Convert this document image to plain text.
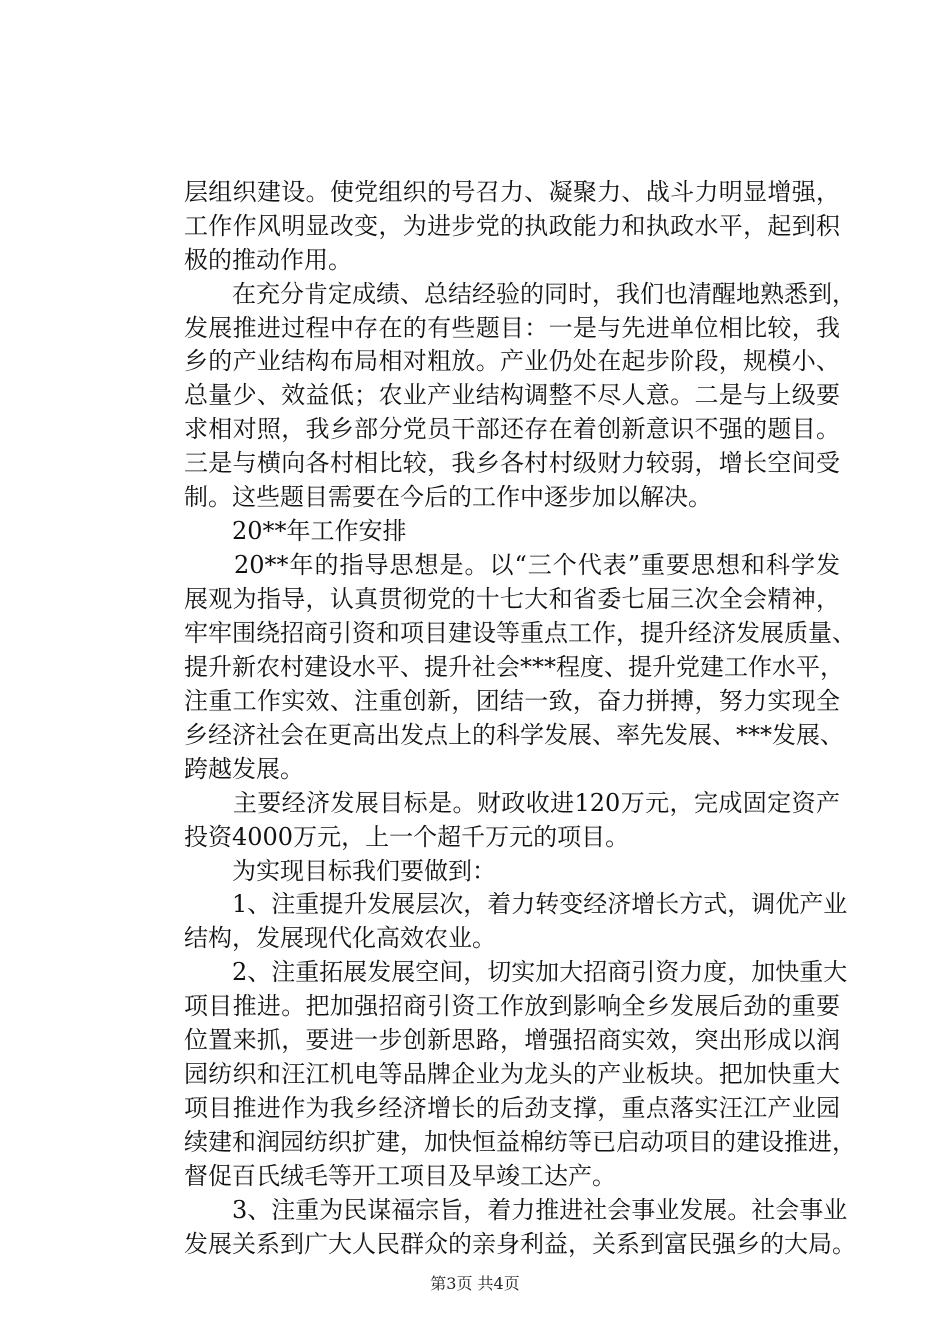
层组织建设。使党组织的号召力、凝聚力、战斗力明显增强，
工作作风明显改变，为进步党的执政能力和执政水平，起到积
极的推动作用。
　　在充分肯定成绩、总结经验的同时，我们也清醒地熟悉到，
发展推进过程中存在的有些题目：一是与先进单位相比较，我
乡的产业结构布局相对粗放。产业仍处在起步阶段，规模小、
总量少、效益低；农业产业结构调整不尽人意。二是与上级要
求相对照，我乡部分党员干部还存在着创新意识不强的题目。
三是与横向各村相比较，我乡各村村级财力较弱，增长空间受
制。这些题目需要在今后的工作中逐步加以解决。
　　20**年工作安排
　　20**年的指导思想是。以“三个代表”重要思想和科学发
展观为指导，认真贯彻党的十七大和省委七届三次全会精神，
牢牢围绕招商引资和项目建设等重点工作，提升经济发展质量、
提升新农村建设水平、提升社会***程度、提升党建工作水平，
注重工作实效、注重创新，团结一致，奋力拼搏，努力实现全
乡经济社会在更高出发点上的科学发展、率先发展、***发展、
跨越发展。
　　主要经济发展目标是。财政收进120万元，完成固定资产
投资4000万元，上一个超千万元的项目。
　　为实现目标我们要做到：
　　1、注重提升发展层次，着力转变经济增长方式，调优产业
结构，发展现代化高效农业。
　　2、注重拓展发展空间，切实加大招商引资力度，加快重大
项目推进。把加强招商引资工作放到影响全乡发展后劲的重要
位置来抓，要进一步创新思路，增强招商实效，突出形成以润
园纺织和汪江机电等品牌企业为龙头的产业板块。把加快重大
项目推进作为我乡经济增长的后劲支撑，重点落实汪江产业园
续建和润园纺织扩建，加快恒益棉纺等已启动项目的建设推进，
督促百氏绒毛等开工项目及早竣工达产。
　　3、注重为民谋福宗旨，着力推进社会事业发展。社会事业
发展关系到广大人民群众的亲身利益，关系到富民强乡的大局。
第3页 共4页
